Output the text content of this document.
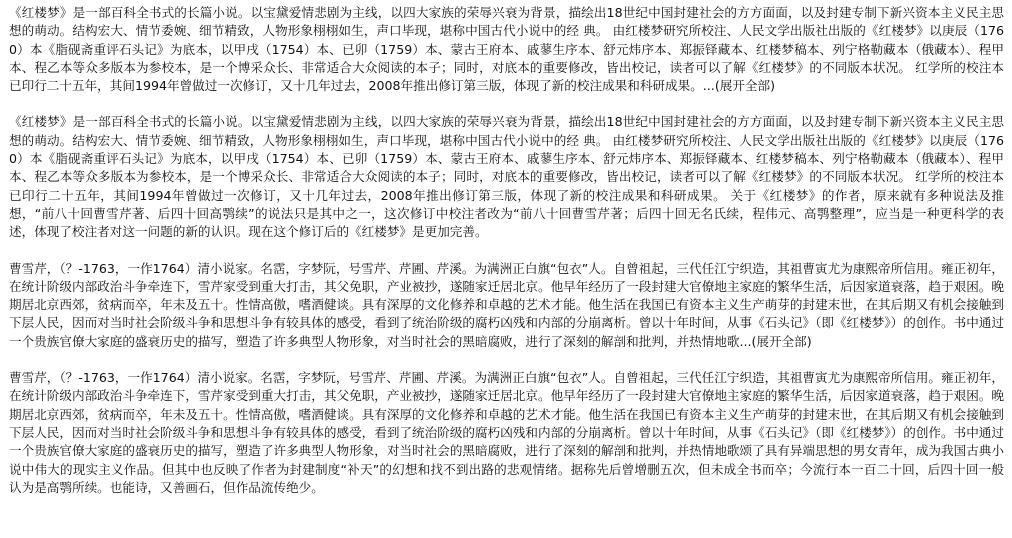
《红楼梦》是一部百科全书式的长篇小说。以宝黛爱情悲剧为主线，以四大家族的荣辱兴衰为背景，描绘出18世纪中国封建社会的方方面面，以及封建专制下新兴资本主义民主思想的萌动。结构宏大、情节委婉、细节精致，人物形象栩栩如生，声口毕现，堪称中国古代小说中的经 典。 由红楼梦研究所校注、人民文学出版社出版的《红楼梦》以庚辰（1760）本《脂砚斋重评石头记》为底本，以甲戌（1754）本、已卯（1759）本、蒙古王府本、戚蓼生序本、舒元炜序本、郑振铎藏本、红楼梦稿本、列宁格勒藏本（俄藏本）、程甲本、程乙本等众多版本为参校本，是一个博采众长、非常适合大众阅读的本子；同时，对底本的重要修改，皆出校记，读者可以了解《红楼梦》的不同版本状况。 红学所的校注本已印行二十五年，其间1994年曾做过一次修订，又十几年过去，2008年推出修订第三版，体现了新的校注成果和科研成果。...(展开全部)

《红楼梦》是一部百科全书式的长篇小说。以宝黛爱情悲剧为主线，以四大家族的荣辱兴衰为背景，描绘出18世纪中国封建社会的方方面面，以及封建专制下新兴资本主义民主思想的萌动。结构宏大、情节委婉、细节精致，人物形象栩栩如生，声口毕现，堪称中国古代小说中的经 典。 由红楼梦研究所校注、人民文学出版社出版的《红楼梦》以庚辰（1760）本《脂砚斋重评石头记》为底本，以甲戌（1754）本、已卯（1759）本、蒙古王府本、戚蓼生序本、舒元炜序本、郑振铎藏本、红楼梦稿本、列宁格勒藏本（俄藏本）、程甲本、程乙本等众多版本为参校本，是一个博采众长、非常适合大众阅读的本子；同时，对底本的重要修改，皆出校记，读者可以了解《红楼梦》的不同版本状况。 红学所的校注本已印行二十五年，其间1994年曾做过一次修订，又十几年过去，2008年推出修订第三版，体现了新的校注成果和科研成果。 关于《红楼梦》的作者，原来就有多种说法及推想，“前八十回曹雪芹著、后四十回高鹗续”的说法只是其中之一，这次修订中校注者改为“前八十回曹雪芹著；后四十回无名氏续，程伟元、高鹗整理”，应当是一种更科学的表述，体现了校注者对这一问题的新的认识。现在这个修订后的《红楼梦》是更加完善。

曹雪芹，（？-1763，一作1764）清小说家。名霑，字梦阮，号雪芹、芹圃、芹溪。为满洲正白旗“包衣”人。自曾祖起，三代任江宁织造，其祖曹寅尤为康熙帝所信用。雍正初年，在统计阶级内部政治斗争牵连下，雪芹家受到重大打击，其父免职，产业被抄，遂随家迁居北京。他早年经历了一段封建大官僚地主家庭的繁华生活，后因家道衰落，趋于艰困。晚期居北京西郊，贫病而卒，年未及五十。性情高傲，嗜酒健谈。具有深厚的文化修养和卓越的艺术才能。他生活在我国已有资本主义生产萌芽的封建末世，在其后期又有机会接触到下层人民，因而对当时社会阶级斗争和思想斗争有较具体的感受，看到了统治阶级的腐朽凶残和内部的分崩离析。曾以十年时间，从事《石头记》（即《红楼梦》）的创作。书中通过一个贵族官僚大家庭的盛衰历史的描写，塑造了许多典型人物形象，对当时社会的黑暗腐败，进行了深刻的解剖和批判，并热情地歌...(展开全部)

曹雪芹，（？-1763，一作1764）清小说家。名霑，字梦阮，号雪芹、芹圃、芹溪。为满洲正白旗“包衣”人。自曾祖起，三代任江宁织造，其祖曹寅尤为康熙帝所信用。雍正初年，在统计阶级内部政治斗争牵连下，雪芹家受到重大打击，其父免职，产业被抄，遂随家迁居北京。他早年经历了一段封建大官僚地主家庭的繁华生活，后因家道衰落，趋于艰困。晚期居北京西郊，贫病而卒，年未及五十。性情高傲，嗜酒健谈。具有深厚的文化修养和卓越的艺术才能。他生活在我国已有资本主义生产萌芽的封建末世，在其后期又有机会接触到下层人民，因而对当时社会阶级斗争和思想斗争有较具体的感受，看到了统治阶级的腐朽凶残和内部的分崩离析。曾以十年时间，从事《石头记》（即《红楼梦》）的创作。书中通过一个贵族官僚大家庭的盛衰历史的描写，塑造了许多典型人物形象，对当时社会的黑暗腐败，进行了深刻的解剖和批判，并热情地歌颂了具有异端思想的男女青年，成为我国古典小说中伟大的现实主义作品。但其中也反映了作者为封建制度“补天”的幻想和找不到出路的悲观情绪。据称先后曾增删五次，但未成全书而卒；今流行本一百二十回，后四十回一般认为是高鹗所续。也能诗，又善画石，但作品流传绝少。
